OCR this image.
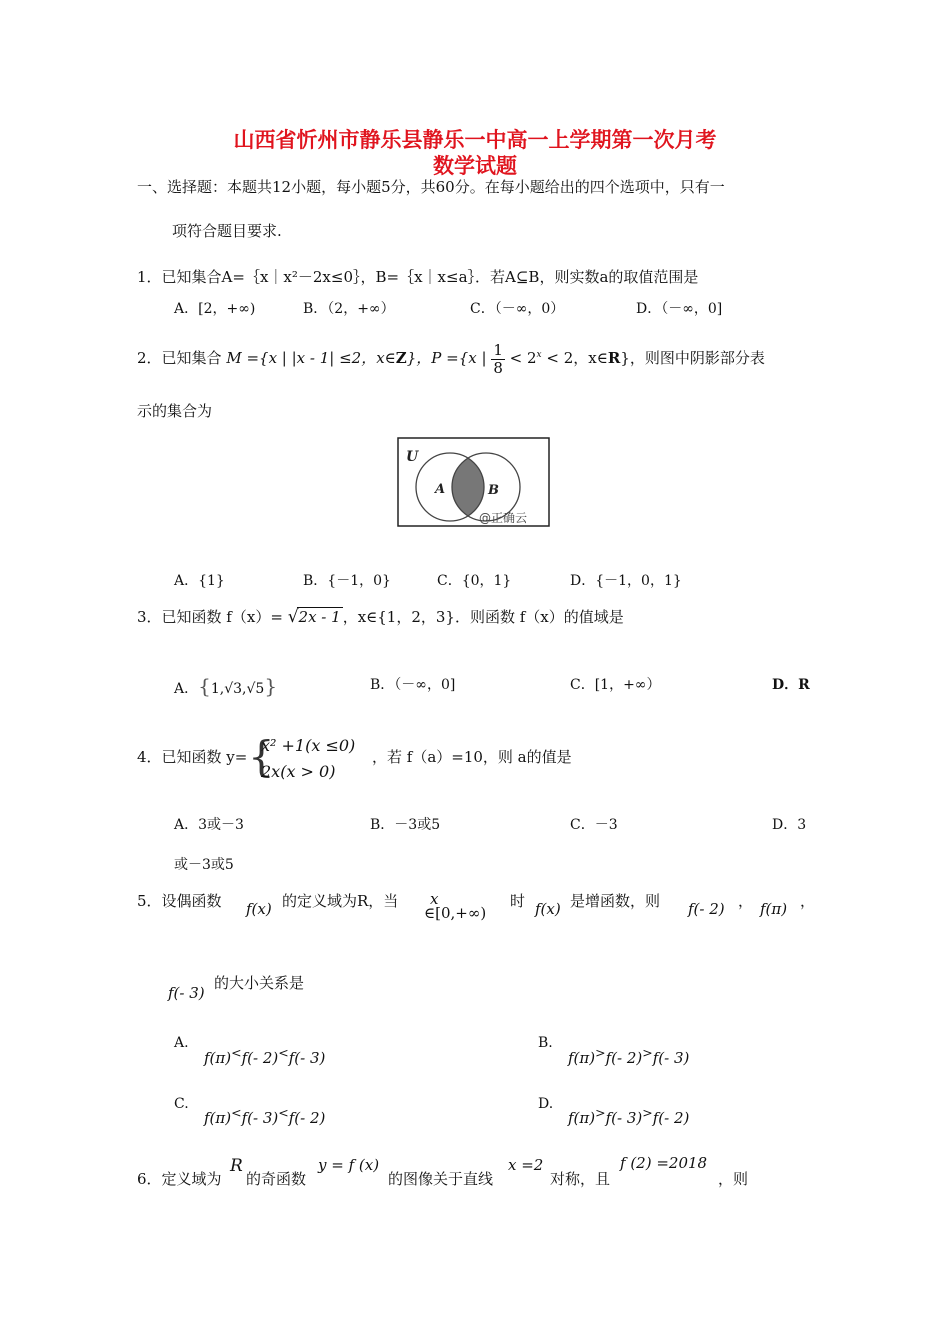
山西省忻州市静乐县静乐一中高一上学期第一次月考
数学试题
一、选择题：本题共12小题，每小题5分，共60分。在每小题给出的四个选项中，只有一
项符合题目要求.
1．已知集合A=｛x｜x²－2x≤0｝，B=｛x｜x≤a｝．若A⊆B，则实数a的取值范围是
A．[2，+∞)	B．（2，+∞）	C．（－∞，0）	D．（－∞，0]
2．已知集合 M ={x | |x - 1| ≤2，x∈Z}，P ={x | $\frac{1}{8} < 2^x < 2$，x∈R}，则图中阴影部分表
示的集合为
U
A	B
@正确云
A．{1}	B．{－1，0}	C．{0，1}	D．{－1，0，1}
3．已知函数 f（x）= √2x - 1 ，x∈{1，2，3}．则函数 f（x）的值域是
A．{1,√3,√5}	B．（－∞，0]	C．[1，+∞）	D．R
4．已知函数 y= {
x² +1(x ≤0)
2x(x > 0)
，若 f（a）=10，则 a的值是
A．3或－3	B．－3或5	C．－3	D．3
或－3或5
5．设偶函数 f(x) 的定义域为R，当 x
∈[0,+∞)
时 f(x) 是增函数，则 f(- 2) ， f(π) ，
f(- 3)
的大小关系是
A.
f(π)<f(- 2)<f(- 3)
B.
f(π)>f(- 2)>f(- 3)
C.
f(π)<f(- 3)<f(- 2)
D.
f(π)>f(- 3)>f(- 2)
6．定义域为
R
的奇函数
y = f (x)
的图像关于直线
x =2
对称，且
f (2) =2018
，则
